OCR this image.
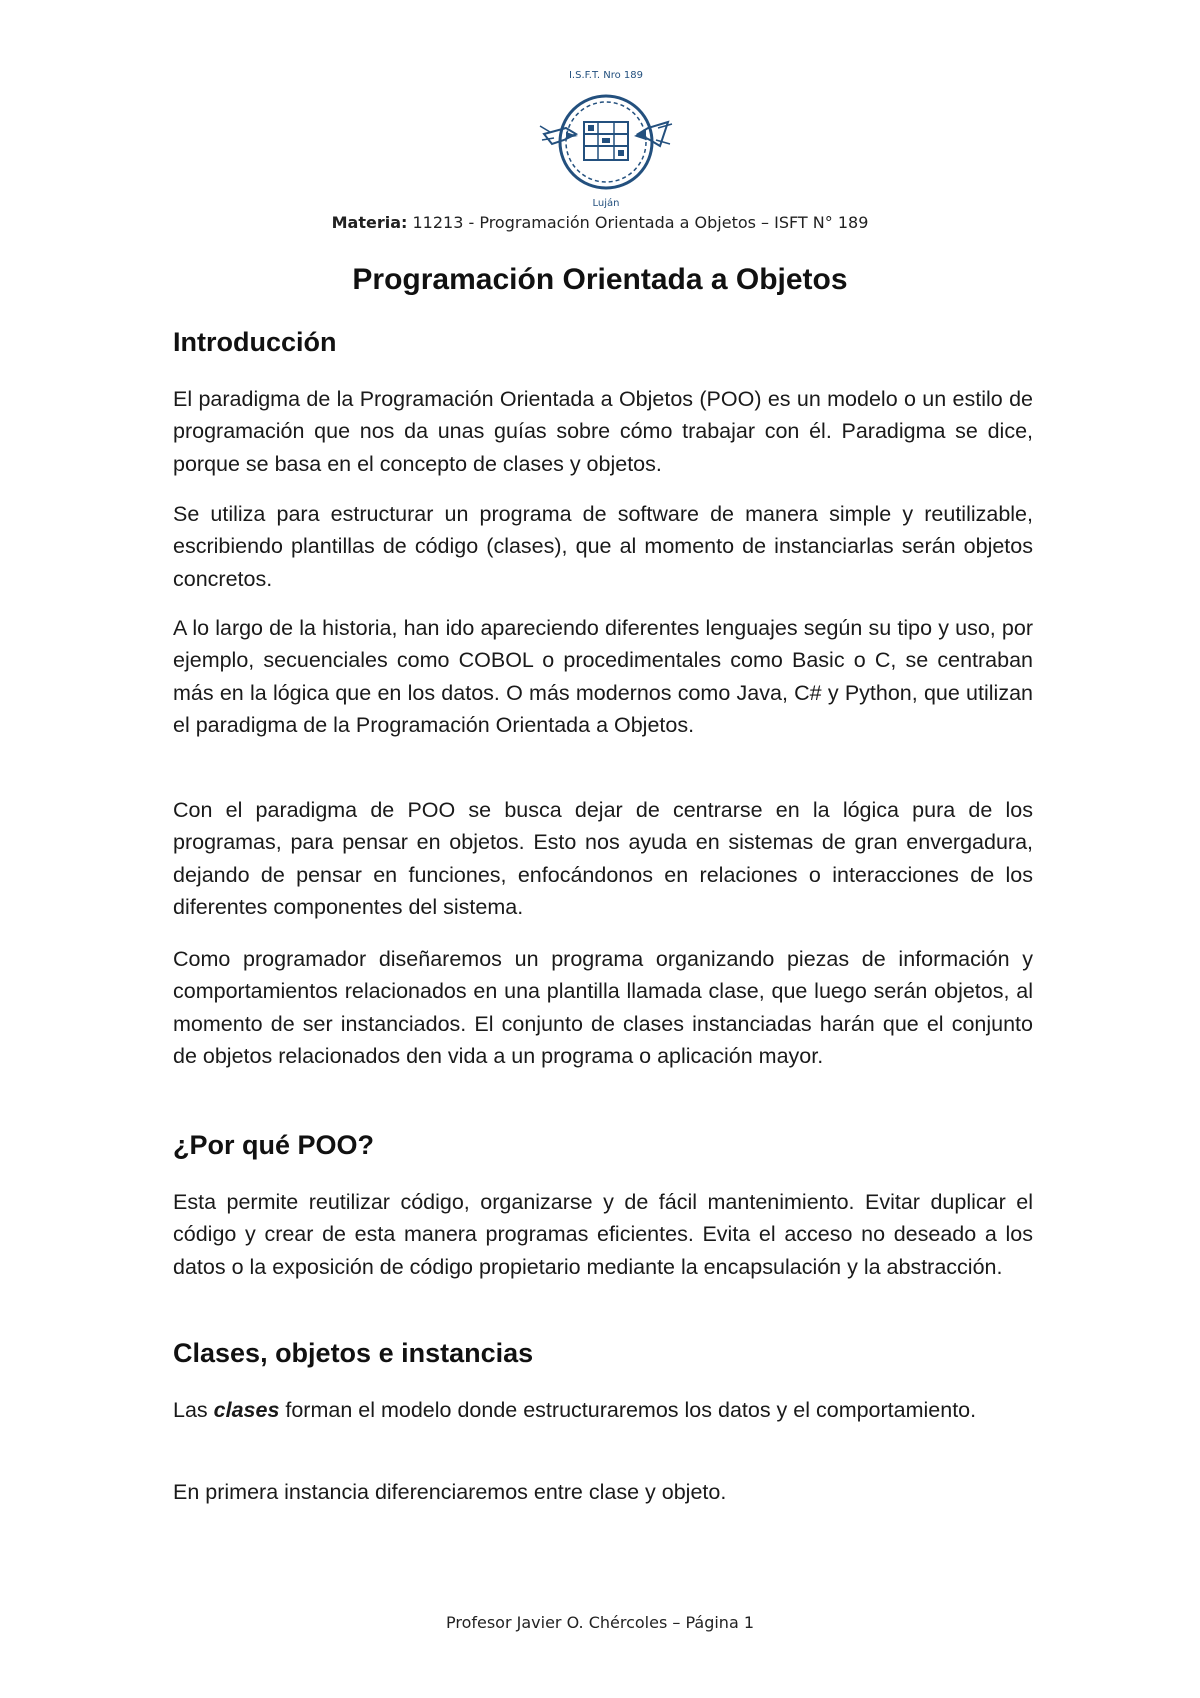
I.S.F.T. Nro 189
Luján
Materia: 11213 - Programación Orientada a Objetos – ISFT N° 189
Programación Orientada a Objetos
Introducción
El paradigma de la Programación Orientada a Objetos (POO) es un modelo o un estilo de programación que nos da unas guías sobre cómo trabajar con él. Paradigma se dice, porque se basa en el concepto de clases y objetos.
Se utiliza para estructurar un programa de software de manera simple y reutilizable, escribiendo plantillas de código (clases), que al momento de instanciarlas serán objetos concretos.
A lo largo de la historia, han ido apareciendo diferentes lenguajes según su tipo y uso, por ejemplo, secuenciales como COBOL o procedimentales como Basic o C, se centraban más en la lógica que en los datos. O más modernos como Java, C# y Python, que utilizan el paradigma de la Programación Orientada a Objetos.
Con el paradigma de POO se busca dejar de centrarse en la lógica pura de los programas, para pensar en objetos. Esto nos ayuda en sistemas de gran envergadura, dejando de pensar en funciones, enfocándonos en relaciones o interacciones de los diferentes componentes del sistema.
Como programador diseñaremos un programa organizando piezas de información y comportamientos relacionados en una plantilla llamada clase, que luego serán objetos, al momento de ser instanciados. El conjunto de clases instanciadas harán que el conjunto de objetos relacionados den vida a un programa o aplicación mayor.
¿Por qué POO?
Esta permite reutilizar código, organizarse y de fácil mantenimiento. Evitar duplicar el código y crear de esta manera programas eficientes. Evita el acceso no deseado a los datos o la exposición de código propietario mediante la encapsulación y la abstracción.
Clases, objetos e instancias
Las clases forman el modelo donde estructuraremos los datos y el comportamiento.
En primera instancia diferenciaremos entre clase y objeto.
Profesor Javier O. Chércoles – Página 1
